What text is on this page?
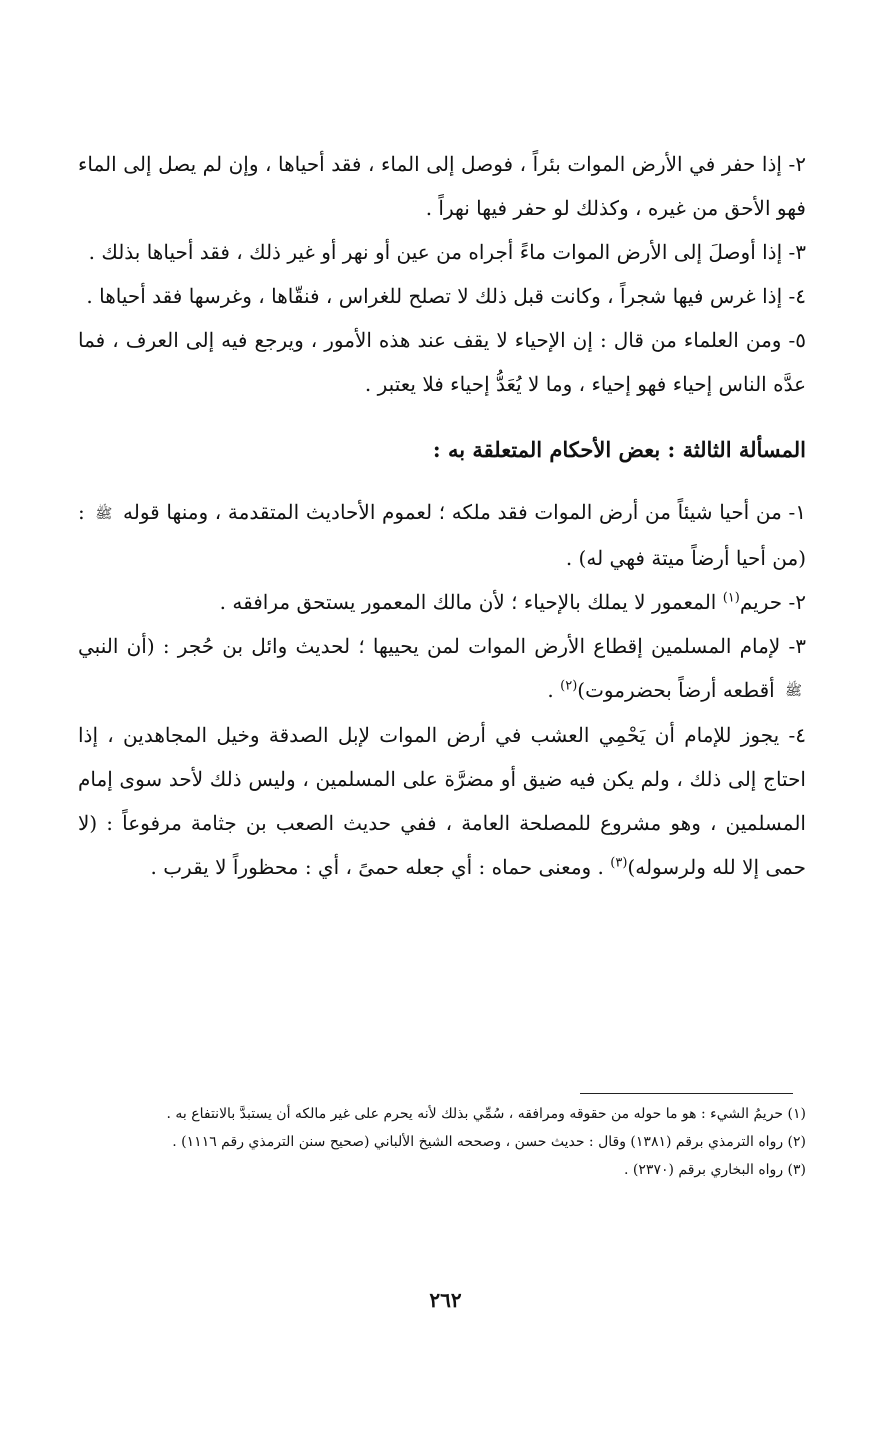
٢- إذا حفر في الأرض الموات بئراً ، فوصل إلى الماء ، فقد أحياها ، وإن لم يصل إلى الماء فهو الأحق من غيره ، وكذلك لو حفر فيها نهراً .

٣- إذا أوصلَ إلى الأرض الموات ماءً أجراه من عين أو نهر أو غير ذلك ، فقد أحياها بذلك .

٤- إذا غرس فيها شجراً ، وكانت قبل ذلك لا تصلح للغراس ، فنقّاها ، وغرسها فقد أحياها .

٥- ومن العلماء من قال : إن الإحياء لا يقف عند هذه الأمور ، ويرجع فيه إلى العرف ، فما عدَّه الناس إحياء فهو إحياء ، وما لا يُعَدُّ إحياء فلا يعتبر .

المسألة الثالثة : بعض الأحكام المتعلقة به :

١- من أحيا شيئاً من أرض الموات فقد ملكه ؛ لعموم الأحاديث المتقدمة ، ومنها قوله ﷺ : (من أحيا أرضاً ميتة فهي له) .

٢- حريم$^{(١)}$ المعمور لا يملك بالإحياء ؛ لأن مالك المعمور يستحق مرافقه .

٣- لإمام المسلمين إقطاع الأرض الموات لمن يحييها ؛ لحديث وائل بن حُجر : (أن النبي ﷺ أقطعه أرضاً بحضرموت)$^{(٢)}$ .

٤- يجوز للإمام أن يَحْمِي العشب في أرض الموات لإبل الصدقة وخيل المجاهدين ، إذا احتاج إلى ذلك ، ولم يكن فيه ضيق أو مضرَّة على المسلمين ، وليس ذلك لأحد سوى إمام المسلمين ، وهو مشروع للمصلحة العامة ، ففي حديث الصعب بن جثامة مرفوعاً : (لا حمى إلا لله ولرسوله)$^{(٣)}$ . ومعنى حماه : أي جعله حمىً ، أي : محظوراً لا يقرب .

(١) حريمُ الشيء : هو ما حوله من حقوقه ومرافقه ، سُمِّي بذلك لأنه يحرم على غير مالكه أن يستبدَّ بالانتفاع به .

(٢) رواه الترمذي برقم (١٣٨١) وقال : حديث حسن ، وصححه الشيخ الألباني (صحيح سنن الترمذي رقم ١١١٦) .

(٣) رواه البخاري برقم (٢٣٧٠) .

٢٦٢
